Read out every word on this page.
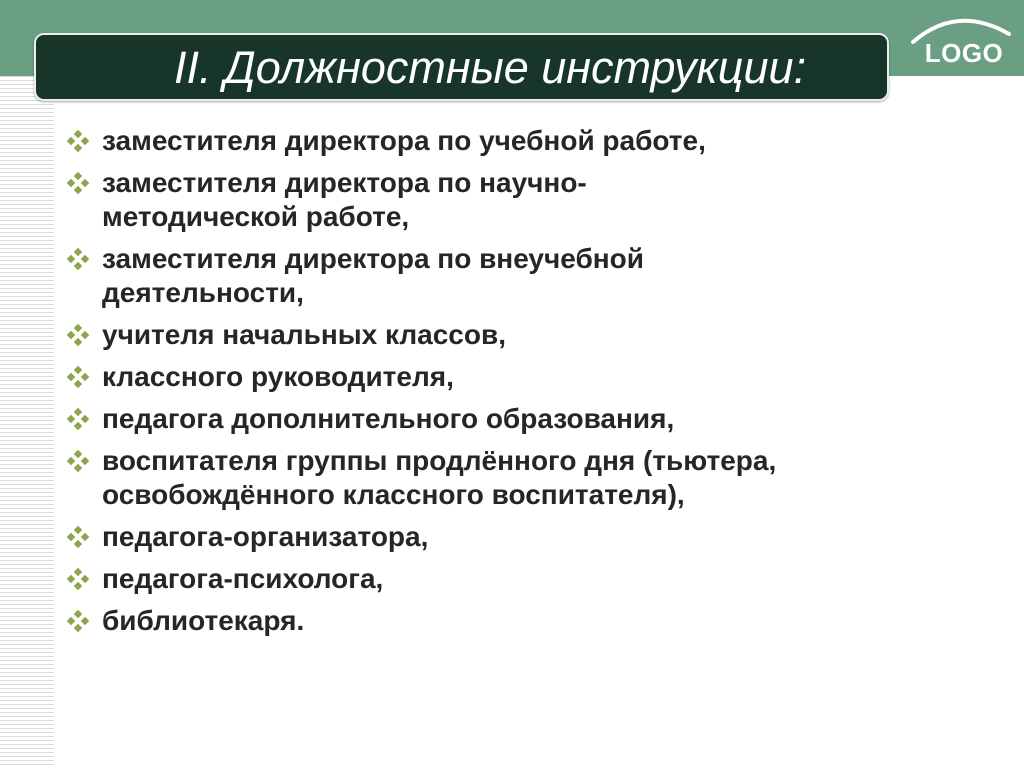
II. Должностные инструкции:	LOGO
заместителя директора по учебной работе,
заместителя директора по научно-
методической работе,
заместителя директора по внеучебной
деятельности,
учителя начальных классов,
классного руководителя,
педагога дополнительного образования,
воспитателя группы продлённого дня (тьютера,
освобождённого классного воспитателя),
педагога-организатора,
педагога-психолога,
библиотекаря.
